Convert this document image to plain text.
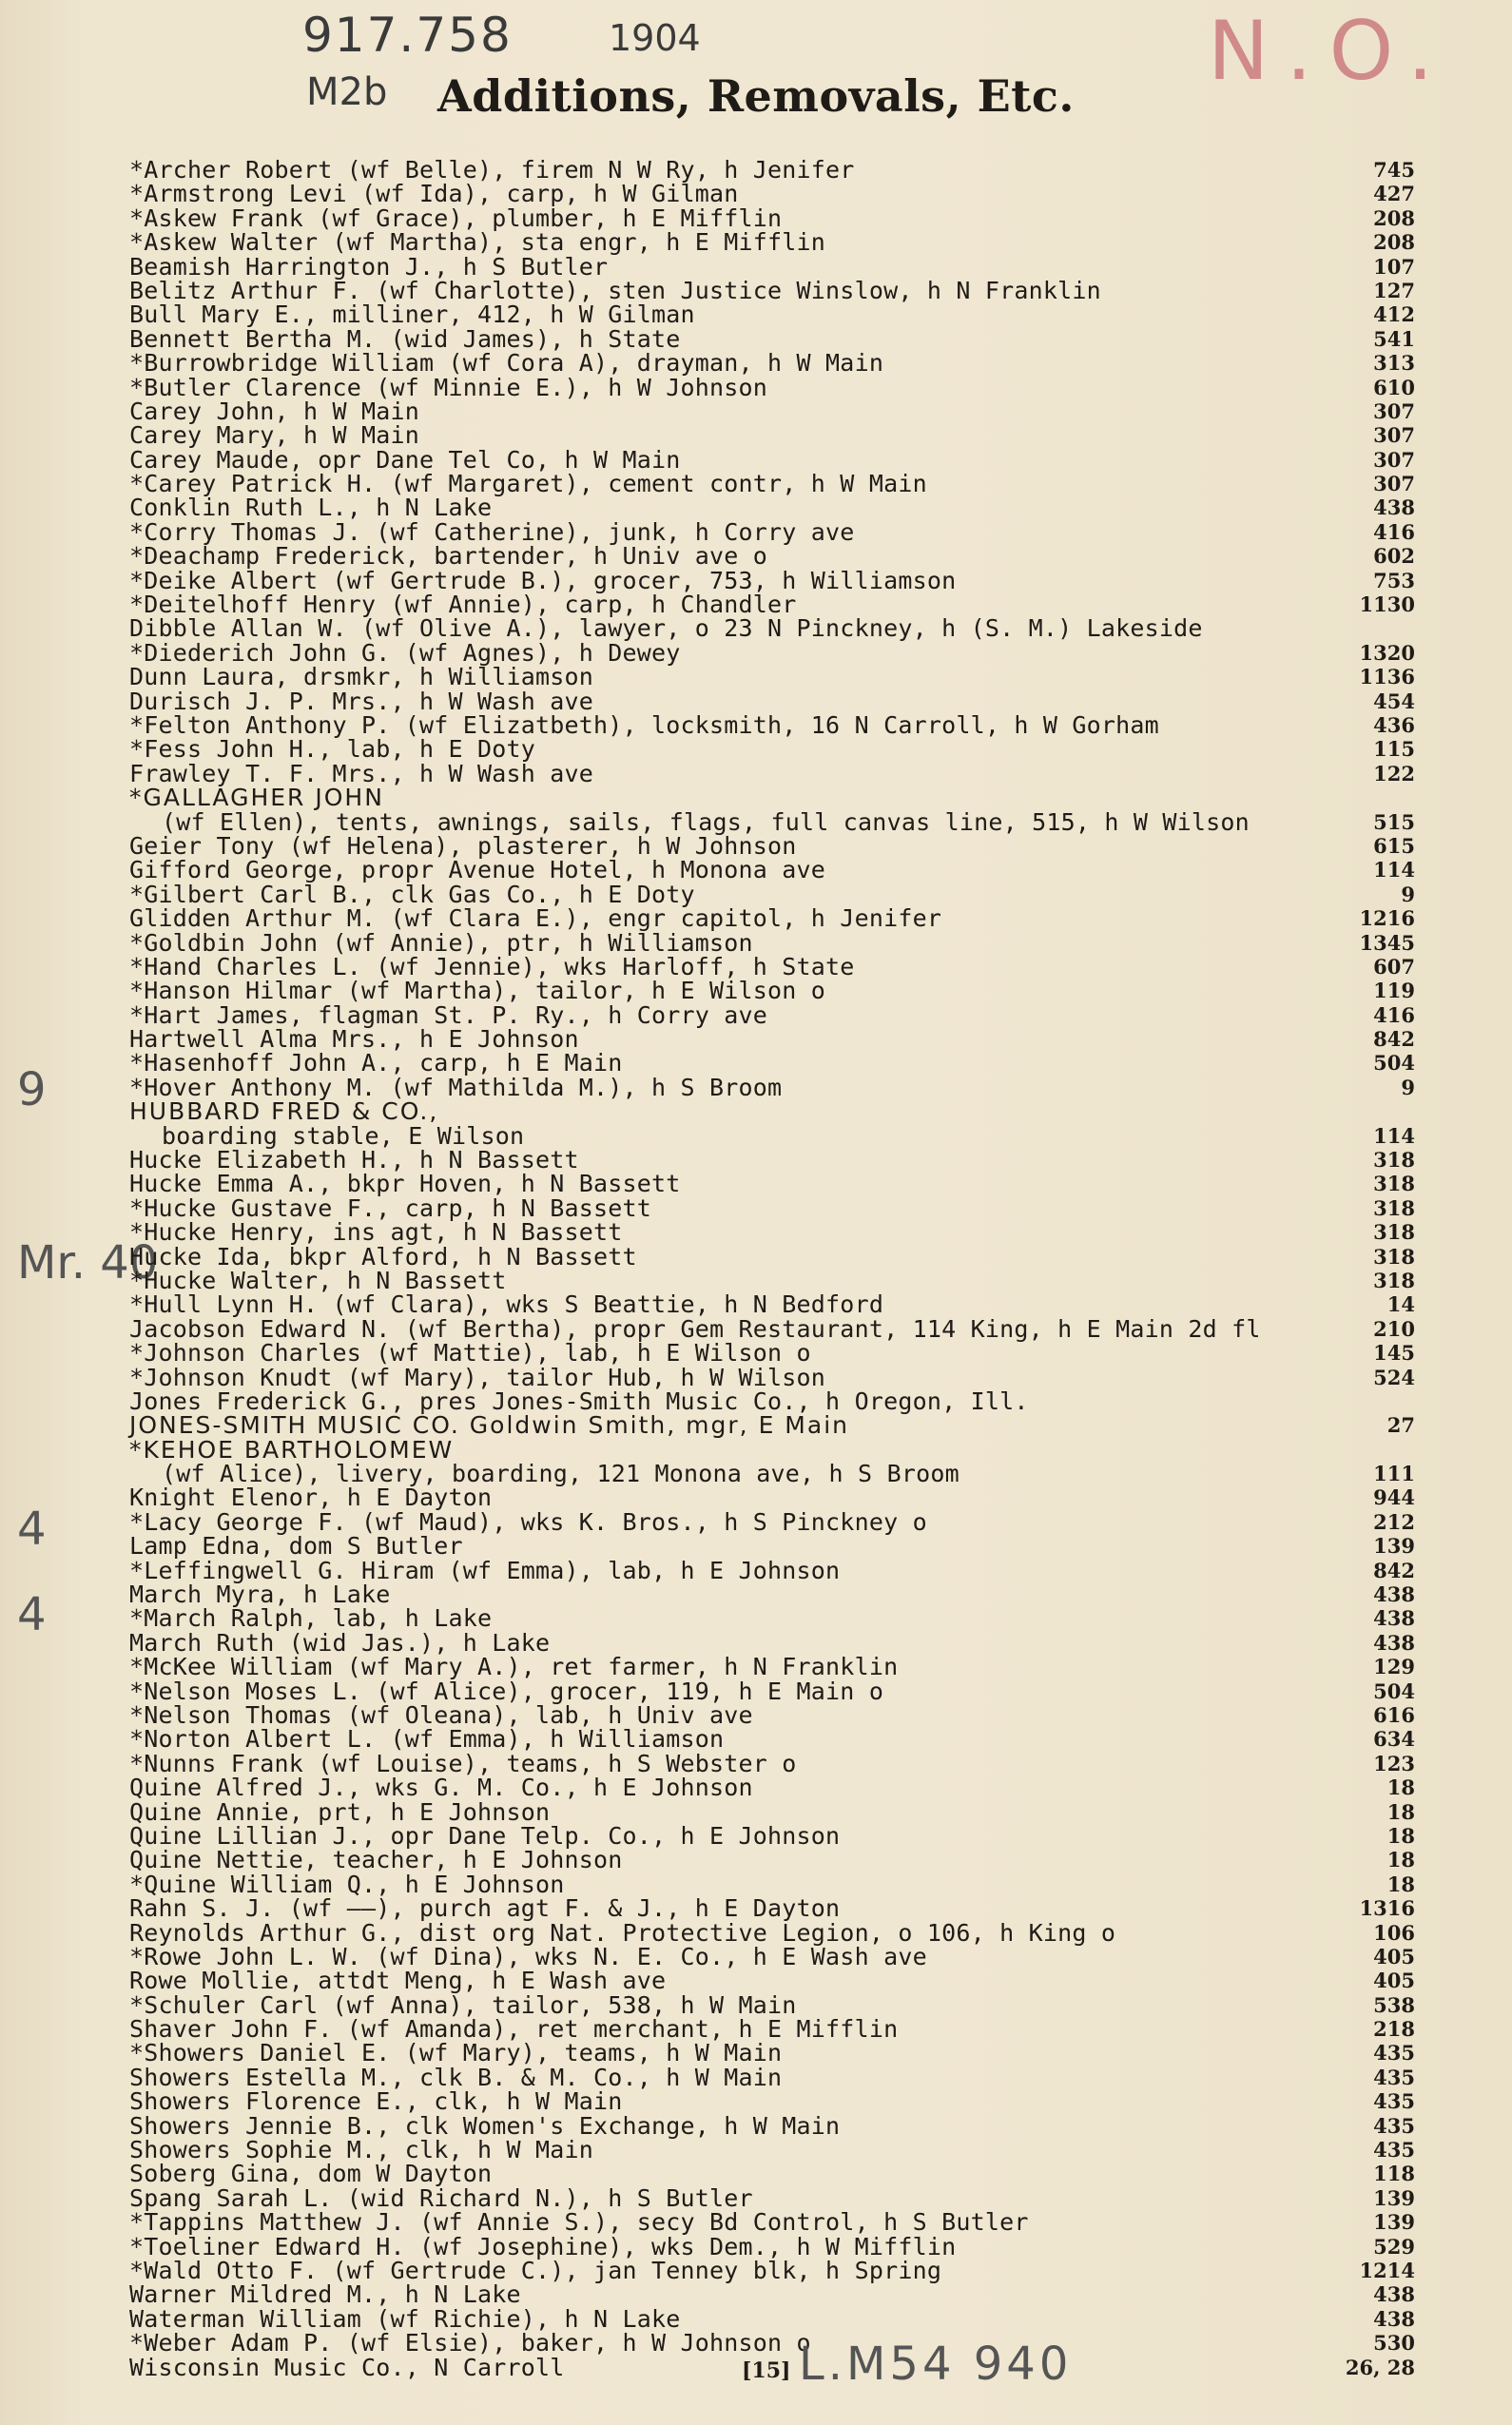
917.758	1904
M2b	N.O.
9
Mr. 40
4
4
Additions, Removals, Etc.
*Archer Robert (wf Belle), firem N W Ry, h Jenifer	745
*Armstrong Levi (wf Ida), carp, h W Gilman	427
*Askew Frank (wf Grace), plumber, h E Mifflin	208
*Askew Walter (wf Martha), sta engr, h E Mifflin	208
Beamish Harrington J., h S Butler	107
Belitz Arthur F. (wf Charlotte), sten Justice Winslow, h N Franklin	127
Bull Mary E., milliner, 412, h W Gilman	412
Bennett Bertha M. (wid James), h State	541
*Burrowbridge William (wf Cora A), drayman, h W Main	313
*Butler Clarence (wf Minnie E.), h W Johnson	610
Carey John, h W Main	307
Carey Mary, h W Main	307
Carey Maude, opr Dane Tel Co, h W Main	307
*Carey Patrick H. (wf Margaret), cement contr, h W Main	307
Conklin Ruth L., h N Lake	438
*Corry Thomas J. (wf Catherine), junk, h Corry ave	416
*Deachamp Frederick, bartender, h Univ ave o	602
*Deike Albert (wf Gertrude B.), grocer, 753, h Williamson	753
*Deitelhoff Henry (wf Annie), carp, h Chandler	1130
Dibble Allan W. (wf Olive A.), lawyer, o 23 N Pinckney, h (S. M.) Lakeside
*Diederich John G. (wf Agnes), h Dewey	1320
Dunn Laura, drsmkr, h Williamson	1136
Durisch J. P. Mrs., h W Wash ave	454
*Felton Anthony P. (wf Elizatbeth), locksmith, 16 N Carroll, h W Gorham	436
*Fess John H., lab, h E Doty	115
Frawley T. F. Mrs., h W Wash ave	122
*GALLAGHER JOHN
(wf Ellen), tents, awnings, sails, flags, full canvas line, 515, h W Wilson	515
Geier Tony (wf Helena), plasterer, h W Johnson	615
Gifford George, propr Avenue Hotel, h Monona ave	114
*Gilbert Carl B., clk Gas Co., h E Doty	9
Glidden Arthur M. (wf Clara E.), engr capitol, h Jenifer	1216
*Goldbin John (wf Annie), ptr, h Williamson	1345
*Hand Charles L. (wf Jennie), wks Harloff, h State	607
*Hanson Hilmar (wf Martha), tailor, h E Wilson o	119
*Hart James, flagman St. P. Ry., h Corry ave	416
Hartwell Alma Mrs., h E Johnson	842
*Hasenhoff John A., carp, h E Main	504
*Hover Anthony M. (wf Mathilda M.), h S Broom	9
HUBBARD FRED & CO.,
boarding stable, E Wilson	114
Hucke Elizabeth H., h N Bassett	318
Hucke Emma A., bkpr Hoven, h N Bassett	318
*Hucke Gustave F., carp, h N Bassett	318
*Hucke Henry, ins agt, h N Bassett	318
Hucke Ida, bkpr Alford, h N Bassett	318
*Hucke Walter, h N Bassett	318
*Hull Lynn H. (wf Clara), wks S Beattie, h N Bedford	14
Jacobson Edward N. (wf Bertha), propr Gem Restaurant, 114 King, h E Main 2d fl	210
*Johnson Charles (wf Mattie), lab, h E Wilson o	145
*Johnson Knudt (wf Mary), tailor Hub, h W Wilson	524
Jones Frederick G., pres Jones-Smith Music Co., h Oregon, Ill.
JONES-SMITH MUSIC CO. Goldwin Smith, mgr, E Main	27
*KEHOE BARTHOLOMEW
(wf Alice), livery, boarding, 121 Monona ave, h S Broom	111
Knight Elenor, h E Dayton	944
*Lacy George F. (wf Maud), wks K. Bros., h S Pinckney o	212
Lamp Edna, dom S Butler	139
*Leffingwell G. Hiram (wf Emma), lab, h E Johnson	842
March Myra, h Lake	438
*March Ralph, lab, h Lake	438
March Ruth (wid Jas.), h Lake	438
*McKee William (wf Mary A.), ret farmer, h N Franklin	129
*Nelson Moses L. (wf Alice), grocer, 119, h E Main o	504
*Nelson Thomas (wf Oleana), lab, h Univ ave	616
*Norton Albert L. (wf Emma), h Williamson	634
*Nunns Frank (wf Louise), teams, h S Webster o	123
Quine Alfred J., wks G. M. Co., h E Johnson	18
Quine Annie, prt, h E Johnson	18
Quine Lillian J., opr Dane Telp. Co., h E Johnson	18
Quine Nettie, teacher, h E Johnson	18
*Quine William Q., h E Johnson	18
Rahn S. J. (wf ——), purch agt F. & J., h E Dayton	1316
Reynolds Arthur G., dist org Nat. Protective Legion, o 106, h King o	106
*Rowe John L. W. (wf Dina), wks N. E. Co., h E Wash ave	405
Rowe Mollie, attdt Meng, h E Wash ave	405
*Schuler Carl (wf Anna), tailor, 538, h W Main	538
Shaver John F. (wf Amanda), ret merchant, h E Mifflin	218
*Showers Daniel E. (wf Mary), teams, h W Main	435
Showers Estella M., clk B. & M. Co., h W Main	435
Showers Florence E., clk, h W Main	435
Showers Jennie B., clk Women's Exchange, h W Main	435
Showers Sophie M., clk, h W Main	435
Soberg Gina, dom W Dayton	118
Spang Sarah L. (wid Richard N.), h S Butler	139
*Tappins Matthew J. (wf Annie S.), secy Bd Control, h S Butler	139
*Toeliner Edward H. (wf Josephine), wks Dem., h W Mifflin	529
*Wald Otto F. (wf Gertrude C.), jan Tenney blk, h Spring	1214
Warner Mildred M., h N Lake	438
Waterman William (wf Richie), h N Lake	438
*Weber Adam P. (wf Elsie), baker, h W Johnson o	530
Wisconsin Music Co., N Carroll	26, 28
[15] L.M54 940
